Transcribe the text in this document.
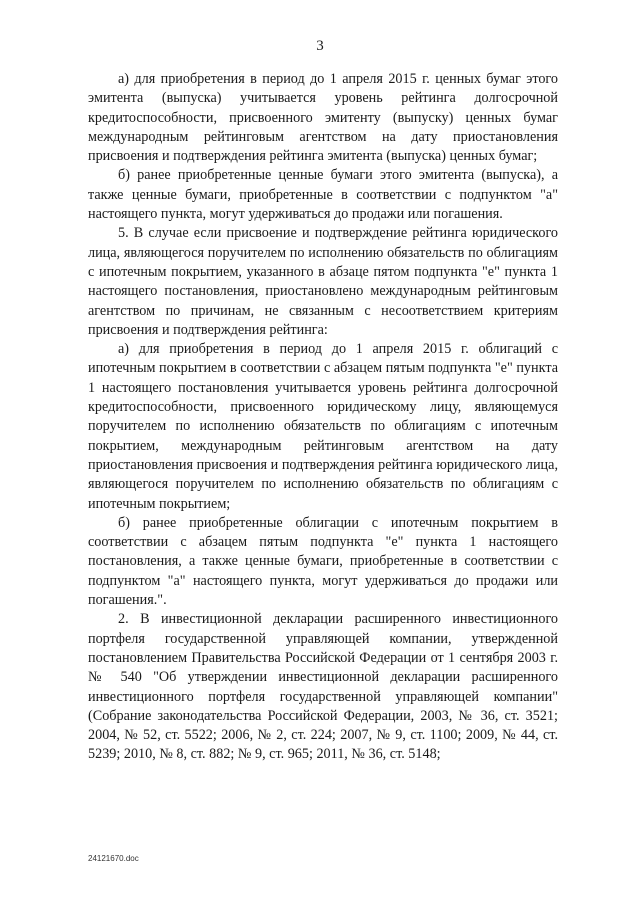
3

а) для приобретения в период до 1 апреля 2015 г. ценных бумаг этого эмитента (выпуска) учитывается уровень рейтинга долгосрочной кредитоспособности, присвоенного эмитенту (выпуску) ценных бумаг международным рейтинговым агентством на дату приостановления присвоения и подтверждения рейтинга эмитента (выпуска) ценных бумаг;

б) ранее приобретенные ценные бумаги этого эмитента (выпуска), а также ценные бумаги, приобретенные в соответствии с подпунктом "а" настоящего пункта, могут удерживаться до продажи или погашения.

5. В случае если присвоение и подтверждение рейтинга юридического лица, являющегося поручителем по исполнению обязательств по облигациям с ипотечным покрытием, указанного в абзаце пятом подпункта "е" пункта 1 настоящего постановления, приостановлено международным рейтинговым агентством по причинам, не связанным с несоответствием критериям присвоения и подтверждения рейтинга:

а) для приобретения в период до 1 апреля 2015 г. облигаций с ипотечным покрытием в соответствии с абзацем пятым подпункта "е" пункта 1 настоящего постановления учитывается уровень рейтинга долгосрочной кредитоспособности, присвоенного юридическому лицу, являющемуся поручителем по исполнению обязательств по облигациям с ипотечным покрытием, международным рейтинговым агентством на дату приостановления присвоения и подтверждения рейтинга юридического лица, являющегося поручителем по исполнению обязательств по облигациям с ипотечным покрытием;

б) ранее приобретенные облигации с ипотечным покрытием в соответствии с абзацем пятым подпункта "е" пункта 1 настоящего постановления, а также ценные бумаги, приобретенные в соответствии с подпунктом "а" настоящего пункта, могут удерживаться до продажи или погашения.".

2. В инвестиционной декларации расширенного инвестиционного портфеля государственной управляющей компании, утвержденной постановлением Правительства Российской Федерации от 1 сентября 2003 г. № 540 "Об утверждении инвестиционной декларации расширенного инвестиционного портфеля государственной управляющей компании" (Собрание законодательства Российской Федерации, 2003, № 36, ст. 3521; 2004, № 52, ст. 5522; 2006, № 2, ст. 224; 2007, № 9, ст. 1100; 2009, № 44, ст. 5239; 2010, № 8, ст. 882; № 9, ст. 965; 2011, № 36, ст. 5148;

24121670.doc
